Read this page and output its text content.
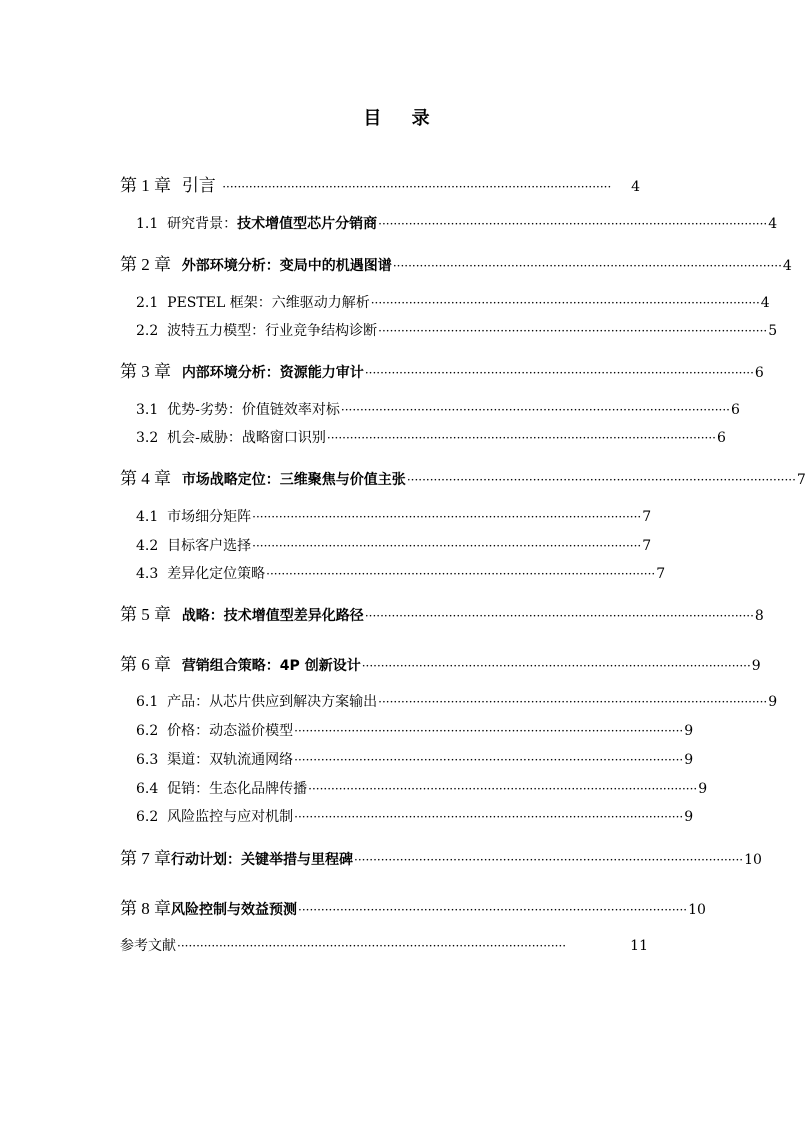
目 录
第 1 章 引言 ······································································································	4
1.1 研究背景：技术增值型芯片分销商 ······································································································ 4
第 2 章 外部环境分析：变局中的机遇图谱 ······································································································ 4
2.1 PESTEL 框架：六维驱动力解析 ······································································································ 4
2.2 波特五力模型：行业竞争结构诊断 ······································································································ 5
第 3 章 内部环境分析：资源能力审计 ······································································································ 6
3.1 优势-劣势：价值链效率对标 ······································································································ 6
3.2 机会-威胁：战略窗口识别 ······································································································ 6
第 4 章 市场战略定位：三维聚焦与价值主张 ······································································································ 7
4.1 市场细分矩阵 ······································································································ 7
4.2 目标客户选择 ······································································································ 7
4.3 差异化定位策略 ······································································································ 7
第 5 章 战略：技术增值型差异化路径 ······································································································ 8
第 6 章 营销组合策略：4P 创新设计 ······································································································ 9
6.1 产品：从芯片供应到解决方案输出 ······································································································ 9
6.2 价格：动态溢价模型 ······································································································ 9
6.3 渠道：双轨流通网络 ······································································································ 9
6.4 促销：生态化品牌传播 ······································································································ 9
6.2 风险监控与应对机制 ······································································································ 9
第 7 章行动计划：关键举措与里程碑 ······································································································ 10
第 8 章风险控制与效益预测 ······································································································ 10
参考文献 ······································································································	11
